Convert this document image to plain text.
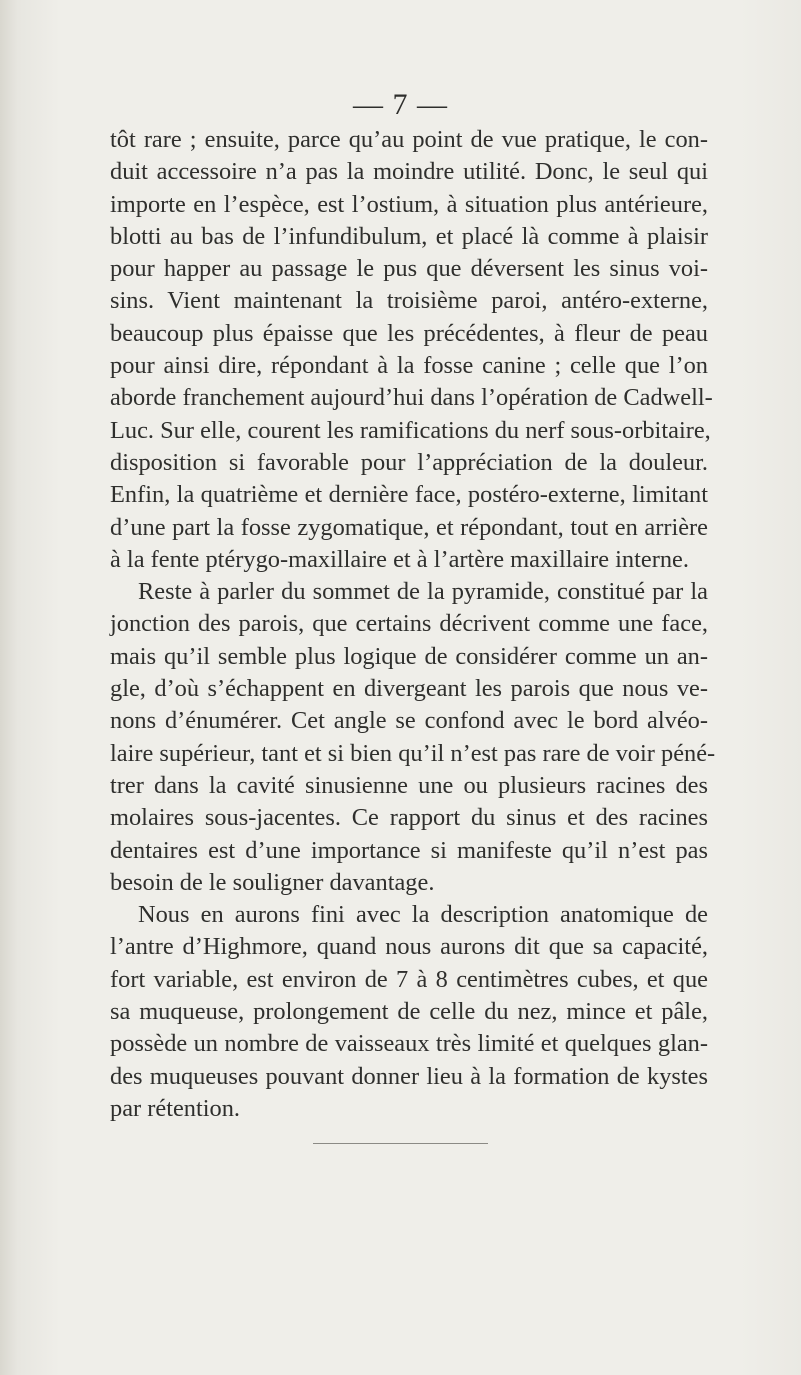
— 7 —
tôt rare ; ensuite, parce qu’au point de vue pratique, le con-
duit accessoire n’a pas la moindre utilité. Donc, le seul qui
importe en l’espèce, est l’ostium, à situation plus antérieure,
blotti au bas de l’infundibulum, et placé là comme à plaisir
pour happer au passage le pus que déversent les sinus voi-
sins. Vient maintenant la troisième paroi, antéro-externe,
beaucoup plus épaisse que les précédentes, à fleur de peau
pour ainsi dire, répondant à la fosse canine ; celle que l’on
aborde franchement aujourd’hui dans l’opération de Cadwell-
Luc. Sur elle, courent les ramifications du nerf sous-orbitaire,
disposition si favorable pour l’appréciation de la douleur.
Enfin, la quatrième et dernière face, postéro-externe, limitant
d’une part la fosse zygomatique, et répondant, tout en arrière
à la fente ptérygo-maxillaire et à l’artère maxillaire interne.
Reste à parler du sommet de la pyramide, constitué par la
jonction des parois, que certains décrivent comme une face,
mais qu’il semble plus logique de considérer comme un an-
gle, d’où s’échappent en divergeant les parois que nous ve-
nons d’énumérer. Cet angle se confond avec le bord alvéo-
laire supérieur, tant et si bien qu’il n’est pas rare de voir péné-
trer dans la cavité sinusienne une ou plusieurs racines des
molaires sous-jacentes. Ce rapport du sinus et des racines
dentaires est d’une importance si manifeste qu’il n’est pas
besoin de le souligner davantage.
Nous en aurons fini avec la description anatomique de
l’antre d’Highmore, quand nous aurons dit que sa capacité,
fort variable, est environ de 7 à 8 centimètres cubes, et que
sa muqueuse, prolongement de celle du nez, mince et pâle,
possède un nombre de vaisseaux très limité et quelques glan-
des muqueuses pouvant donner lieu à la formation de kystes
par rétention.
